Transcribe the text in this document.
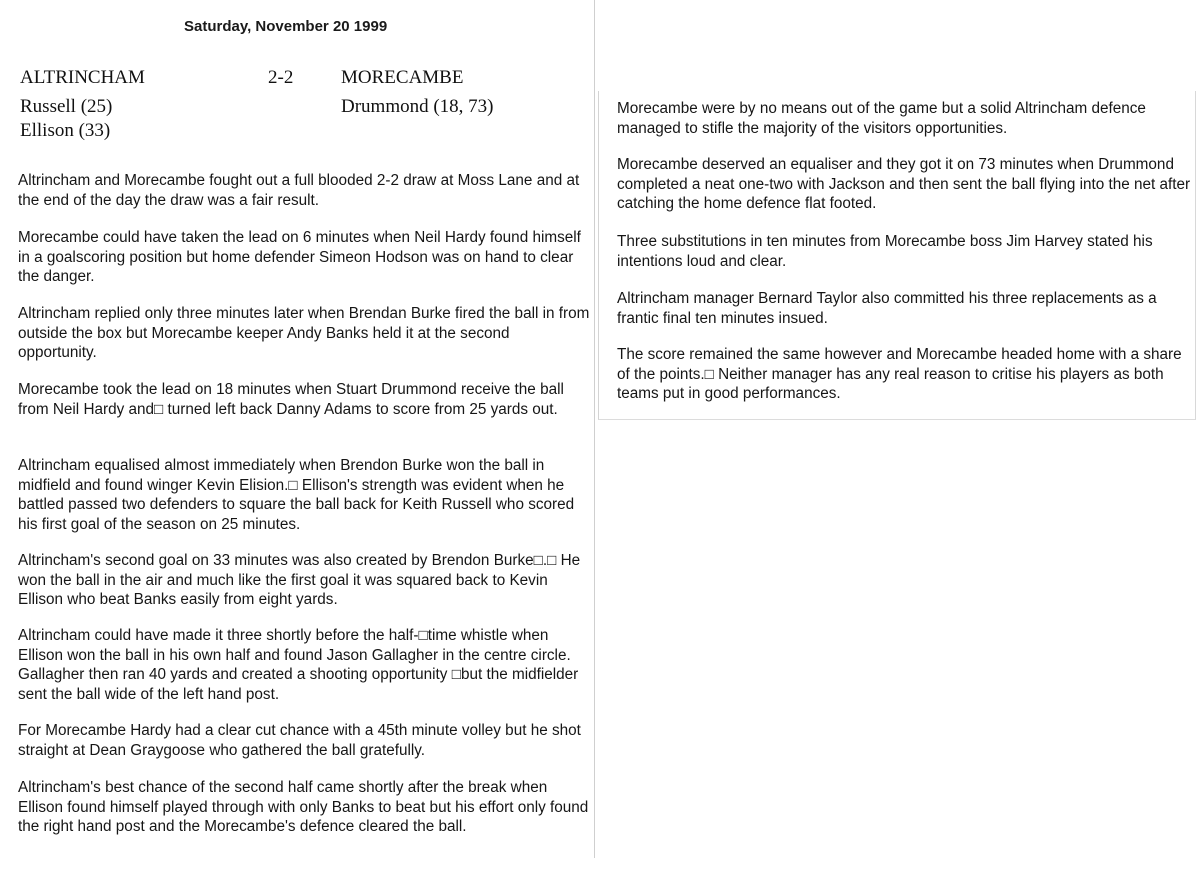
Saturday, November 20 1999
ALTRINCHAM	2-2	MORECAMBE
Russell (25)
Ellison (33)
Drummond (18, 73)

Altrincham and Morecambe fought out a full blooded 2-2 draw at Moss Lane and at the end of the day the draw was a fair result.

Morecambe could have taken the lead on 6 minutes when Neil Hardy found himself in a goalscoring position but home defender Simeon Hodson was on hand to clear the danger.

Altrincham replied only three minutes later when Brendan Burke fired the ball in from outside the box but Morecambe keeper Andy Banks held it at the second opportunity.

Morecambe took the lead on 18 minutes when Stuart Drummond receive the ball from Neil Hardy and□ turned left back Danny Adams to score from 25 yards out.

Altrincham equalised almost immediately when Brendon Burke won the ball in midfield and found winger Kevin Elision.□ Ellison's strength was evident when he battled passed two defenders to square the ball back for Keith Russell who scored his first goal of the season on 25 minutes.

Altrincham's second goal on 33 minutes was also created by Brendon Burke□.□ He won the ball in the air and much like the first goal it was squared back to Kevin Ellison who beat Banks easily from eight yards.

Altrincham could have made it three shortly before the half-□time whistle when Ellison won the ball in his own half and found Jason Gallagher in the centre circle. Gallagher then ran 40 yards and created a shooting opportunity □but the midfielder sent the ball wide of the left hand post.

For Morecambe Hardy had a clear cut chance with a 45th minute volley but he shot straight at Dean Graygoose who gathered the ball gratefully.

Altrincham's best chance of the second half came shortly after the break when Ellison found himself played through with only Banks to beat but his effort only found the right hand post and the Morecambe's defence cleared the ball.

Morecambe were by no means out of the game but a solid Altrincham defence managed to stifle the majority of the visitors opportunities.

Morecambe deserved an equaliser and they got it on 73 minutes when Drummond completed a neat one-two with Jackson and then sent the ball flying into the net after catching the home defence flat footed.

Three substitutions in ten minutes from Morecambe boss Jim Harvey stated his intentions loud and clear.

Altrincham manager Bernard Taylor also committed his three replacements as a frantic final ten minutes insued.

The score remained the same however and Morecambe headed home with a share of the points.□ Neither manager has any real reason to critise his players as both teams put in good performances.
